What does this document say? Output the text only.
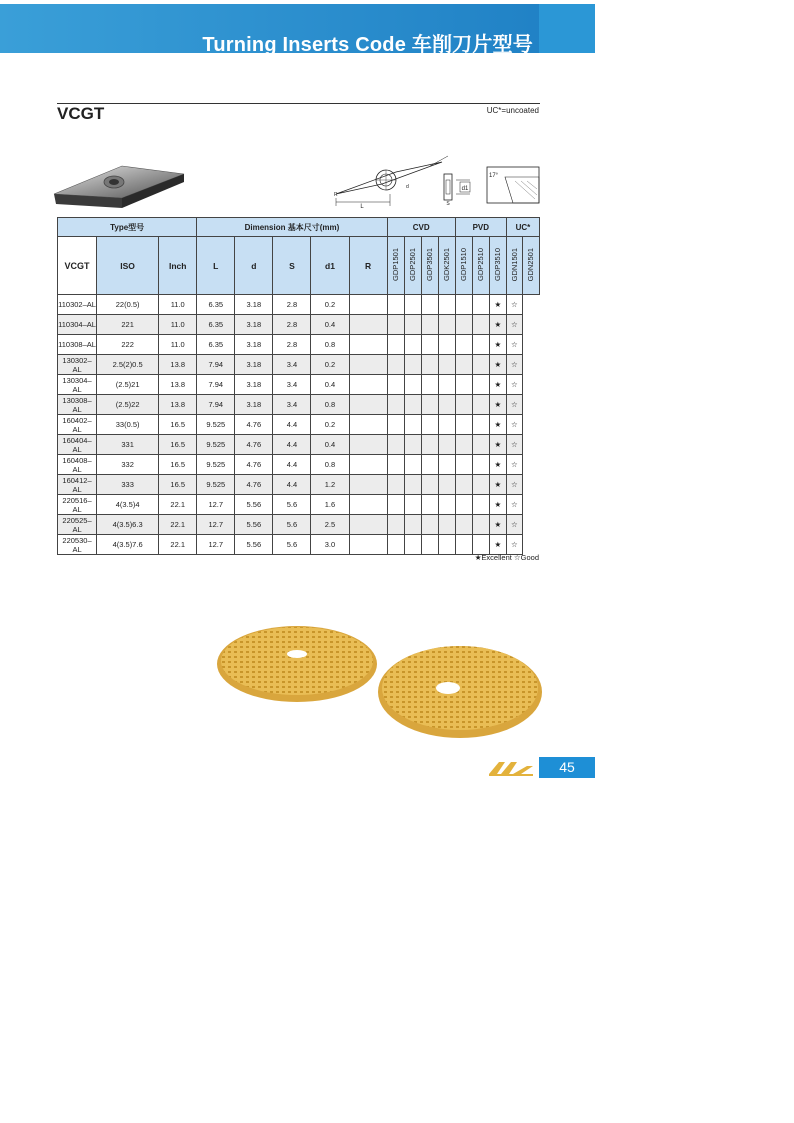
Turning Inserts Code 车削刀片型号
VCGT	UC*=uncoated
L
d
R
d1
S
17°
Type型号			Dimension 基本尺寸(mm)					CVD				PVD			UC*	
VCGT	ISO	Inch	L	d	S	d1	R	GDP1501	GDP2501	GDP3501	GDK2501	GDP1510	GDP2510	GDP3510	GDN1501	GDN2501
110302–AL	22(0.5)	11.0	6.35	3.18	2.8	0.2								★	☆	
110304–AL	221	11.0	6.35	3.18	2.8	0.4								★	☆	
110308–AL	222	11.0	6.35	3.18	2.8	0.8								★	☆	
130302–AL	2.5(2)0.5	13.8	7.94	3.18	3.4	0.2								★	☆	
130304–AL	(2.5)21	13.8	7.94	3.18	3.4	0.4								★	☆	
130308–AL	(2.5)22	13.8	7.94	3.18	3.4	0.8								★	☆	
160402–AL	33(0.5)	16.5	9.525	4.76	4.4	0.2								★	☆	
160404–AL	331	16.5	9.525	4.76	4.4	0.4								★	☆	
160408–AL	332	16.5	9.525	4.76	4.4	0.8								★	☆	
160412–AL	333	16.5	9.525	4.76	4.4	1.2								★	☆	
220516–AL	4(3.5)4	22.1	12.7	5.56	5.6	1.6								★	☆	
220525–AL	4(3.5)6.3	22.1	12.7	5.56	5.6	2.5								★	☆	
220530–AL	4(3.5)7.6	22.1	12.7	5.56	5.6	3.0								★	☆	
★Excellent ☆Good
45
